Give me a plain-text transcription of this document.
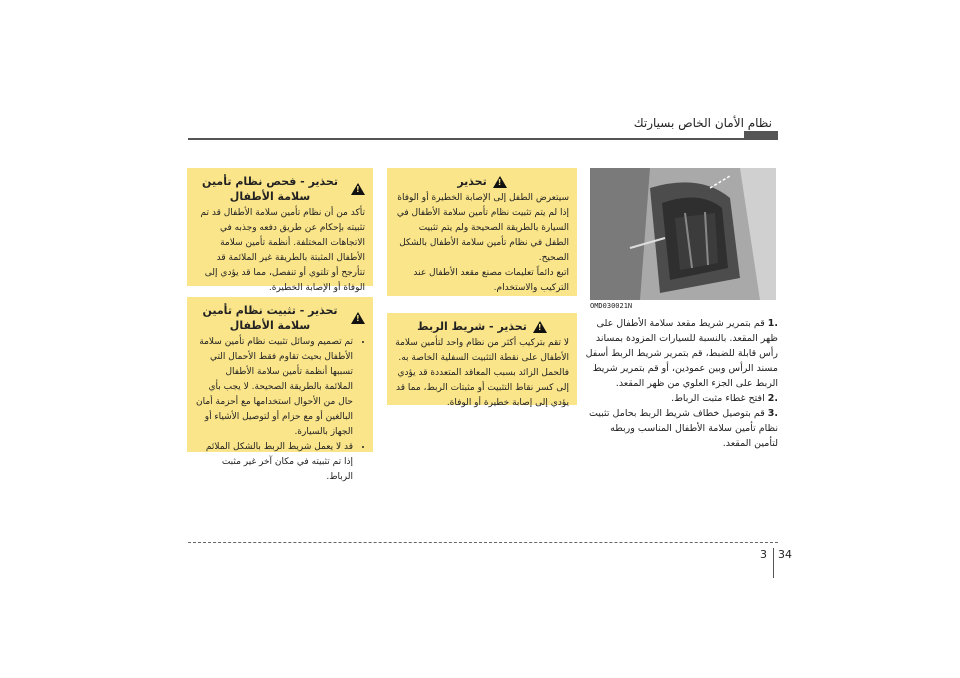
نظام الأمان الخاص بسيارتك
OMD030021N
.1 قم بتمرير شريط مقعد سلامة الأطفال على ظهر المقعد. بالنسبة للسيارات المزودة بمساند رأس قابلة للضبط، قم بتمرير شريط الربط أسفل مسند الرأس وبين عمودين، أو قم بتمرير شريط الربط على الجزء العلوي من ظهر المقعد.
.2 افتح غطاء مثبت الرباط.
.3 قم بتوصيل خطاف شريط الربط بحامل تثبيت نظام تأمين سلامة الأطفال المناسب وربطه لتأمين المقعد.
!
تحذير

سيتعرض الطفل إلى الإصابة الخطيرة أو الوفاة إذا لم يتم تثبيت نظام تأمين سلامة الأطفال في السيارة بالطريقة الصحيحة ولم يتم تثبيت الطفل في نظام تأمين سلامة الأطفال بالشكل الصحيح.

اتبع دائماً تعليمات مصنع مقعد الأطفال عند التركيب والاستخدام.

!
تحذير - شريط الربط

لا تقم بتركيب أكثر من نظام واحد لتأمين سلامة الأطفال على نقطة التثبيت السفلية الخاصة به. فالحمل الزائد بسبب المعاقد المتعددة قد يؤدي إلى كسر نقاط التثبيت أو مثبتات الربط، مما قد يؤدي إلى إصابة خطيرة أو الوفاة.

!
تحذير - فحص نظام تأمين سلامة الأطفال

تأكد من أن نظام تأمين سلامة الأطفال قد تم تثبيته بإحكام عن طريق دفعه وجذبه في الاتجاهات المختلفة. أنظمة تأمين سلامة الأطفال المثبتة بالطريقة غير الملائمة قد تتأرجح أو تلتوي أو تنفصل، مما قد يؤدي إلى الوفاة أو الإصابة الخطيرة.

!
تحذير - تثبيت نظام تأمين سلامة الأطفال
• تم تصميم وسائل تثبيت نظام تأمين سلامة الأطفال بحيث تقاوم فقط الأحمال التي تسببها أنظمة تأمين سلامة الأطفال الملائمة بالطريقة الصحيحة. لا يجب بأي حال من الأحوال استخدامها مع أحزمة أمان البالغين أو مع حزام أو لتوصيل الأشياء أو الجهاز بالسيارة.
• قد لا يعمل شريط الربط بالشكل الملائم إذا تم تثبيته في مكان آخر غير مثبت الرباط.
3 34
